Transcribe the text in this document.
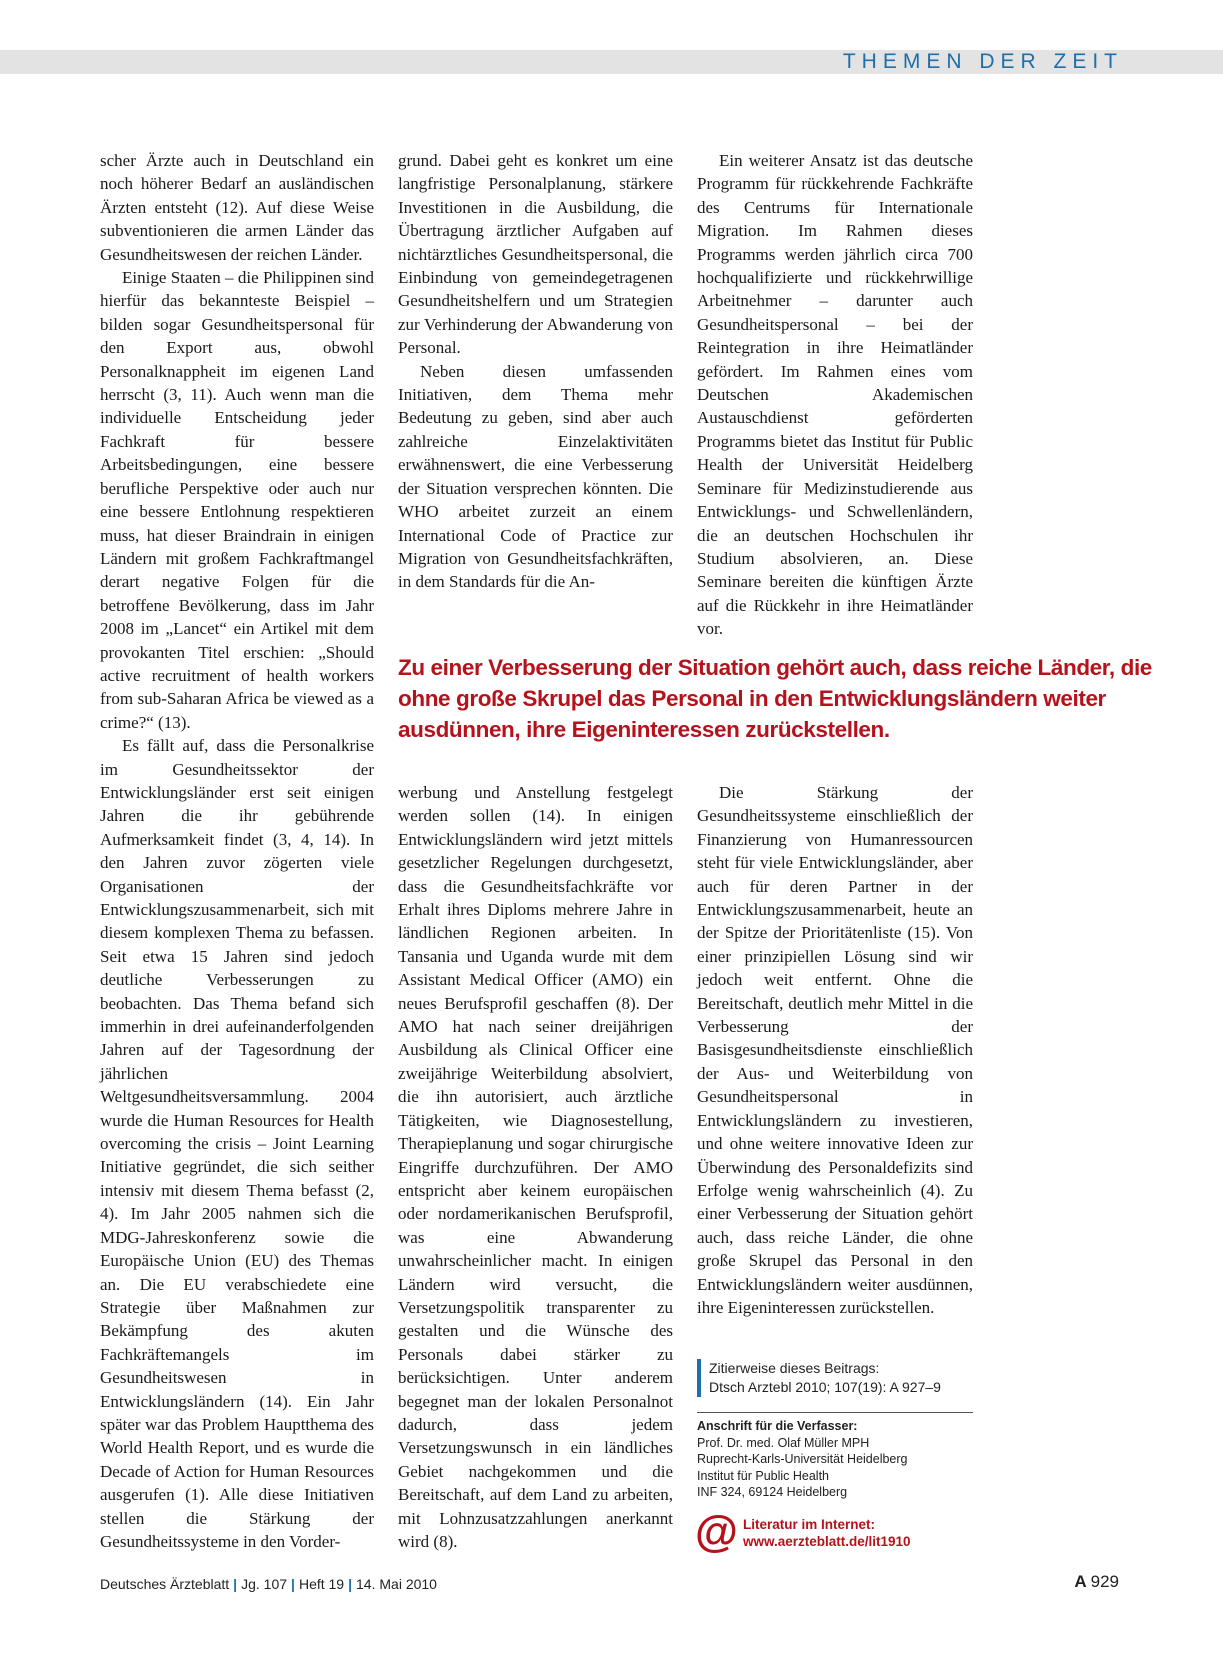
THEMEN DER ZEIT

scher Ärzte auch in Deutschland ein noch höherer Bedarf an ausländischen Ärzten entsteht (12). Auf diese Weise subventionieren die armen Länder das Gesundheitswesen der reichen Länder.

Einige Staaten – die Philippinen sind hierfür das bekannteste Beispiel – bilden sogar Gesundheitspersonal für den Export aus, obwohl Personalknappheit im eigenen Land herrscht (3, 11). Auch wenn man die individuelle Entscheidung jeder Fachkraft für bessere Arbeitsbedingungen, eine bessere berufliche Perspektive oder auch nur eine bessere Entlohnung respektieren muss, hat dieser Braindrain in einigen Ländern mit großem Fachkraftmangel derart negative Folgen für die betroffene Bevölkerung, dass im Jahr 2008 im „Lancet“ ein Artikel mit dem provokanten Titel erschien: „Should active recruitment of health workers from sub-Saharan Africa be viewed as a crime?“ (13).

Es fällt auf, dass die Personalkrise im Gesundheitssektor der Entwicklungsländer erst seit einigen Jahren die ihr gebührende Aufmerksamkeit findet (3, 4, 14). In den Jahren zuvor zögerten viele Organisationen der Entwicklungszusammenarbeit, sich mit diesem komplexen Thema zu befassen. Seit etwa 15 Jahren sind jedoch deutliche Verbesserungen zu beobachten. Das Thema befand sich immerhin in drei aufeinanderfolgenden Jahren auf der Tagesordnung der jährlichen Weltgesundheitsversammlung. 2004 wurde die Human Resources for Health overcoming the crisis – Joint Learning Initiative gegründet, die sich seither intensiv mit diesem Thema befasst (2, 4). Im Jahr 2005 nahmen sich die MDG-Jahreskonferenz sowie die Europäische Union (EU) des Themas an. Die EU verabschiedete eine Strategie über Maßnahmen zur Bekämpfung des akuten Fachkräftemangels im Gesundheitswesen in Entwicklungsländern (14). Ein Jahr später war das Problem Hauptthema des World Health Report, und es wurde die Decade of Action for Human Resources ausgerufen (1). Alle diese Initiativen stellen die Stärkung der Gesundheitssysteme in den Vorder-

grund. Dabei geht es konkret um eine langfristige Personalplanung, stärkere Investitionen in die Ausbildung, die Übertragung ärztlicher Aufgaben auf nichtärztliches Gesundheitspersonal, die Einbindung von gemeindegetragenen Gesundheitshelfern und um Strategien zur Verhinderung der Abwanderung von Personal.

Neben diesen umfassenden Initiativen, dem Thema mehr Bedeutung zu geben, sind aber auch zahlreiche Einzelaktivitäten erwähnenswert, die eine Verbesserung der Situation versprechen könnten. Die WHO arbeitet zurzeit an einem International Code of Practice zur Migration von Gesundheitsfachkräften, in dem Standards für die An-

Ein weiterer Ansatz ist das deutsche Programm für rückkehrende Fachkräfte des Centrums für Internationale Migration. Im Rahmen dieses Programms werden jährlich circa 700 hochqualifizierte und rückkehrwillige Arbeitnehmer – darunter auch Gesundheitspersonal – bei der Reintegration in ihre Heimatländer gefördert. Im Rahmen eines vom Deutschen Akademischen Austauschdienst geförderten Programms bietet das Institut für Public Health der Universität Heidelberg Seminare für Medizinstudierende aus Entwicklungs- und Schwellenländern, die an deutschen Hochschulen ihr Studium absolvieren, an. Diese Seminare bereiten die künftigen Ärzte auf die Rückkehr in ihre Heimatländer vor.

Zu einer Verbesserung der Situation gehört auch, dass reiche Länder, die ohne große Skrupel das Personal in den Entwicklungsländern weiter ausdünnen, ihre Eigeninteressen zurückstellen.

werbung und Anstellung festgelegt werden sollen (14). In einigen Entwicklungsländern wird jetzt mittels gesetzlicher Regelungen durchgesetzt, dass die Gesundheitsfachkräfte vor Erhalt ihres Diploms mehrere Jahre in ländlichen Regionen arbeiten. In Tansania und Uganda wurde mit dem Assistant Medical Officer (AMO) ein neues Berufsprofil geschaffen (8). Der AMO hat nach seiner dreijährigen Ausbildung als Clinical Officer eine zweijährige Weiterbildung absolviert, die ihn autorisiert, auch ärztliche Tätigkeiten, wie Diagnosestellung, Therapieplanung und sogar chirurgische Eingriffe durchzuführen. Der AMO entspricht aber keinem europäischen oder nordamerikanischen Berufsprofil, was eine Abwanderung unwahrscheinlicher macht. In einigen Ländern wird versucht, die Versetzungspolitik transparenter zu gestalten und die Wünsche des Personals dabei stärker zu berücksichtigen. Unter anderem begegnet man der lokalen Personalnot dadurch, dass jedem Versetzungswunsch in ein ländliches Gebiet nachgekommen und die Bereitschaft, auf dem Land zu arbeiten, mit Lohnzusatzzahlungen anerkannt wird (8).

Die Stärkung der Gesundheitssysteme einschließlich der Finanzierung von Humanressourcen steht für viele Entwicklungsländer, aber auch für deren Partner in der Entwicklungszusammenarbeit, heute an der Spitze der Prioritätenliste (15). Von einer prinzipiellen Lösung sind wir jedoch weit entfernt. Ohne die Bereitschaft, deutlich mehr Mittel in die Verbesserung der Basisgesundheitsdienste einschließlich der Aus- und Weiterbildung von Gesundheitspersonal in Entwicklungsländern zu investieren, und ohne weitere innovative Ideen zur Überwindung des Personaldefizits sind Erfolge wenig wahrscheinlich (4). Zu einer Verbesserung der Situation gehört auch, dass reiche Länder, die ohne große Skrupel das Personal in den Entwicklungsländern weiter ausdünnen, ihre Eigeninteressen zurückstellen.

Zitierweise dieses Beitrags:
Dtsch Arztebl 2010; 107(19): A 927–9
Anschrift für die Verfasser:
Prof. Dr. med. Olaf Müller MPH
Ruprecht-Karls-Universität Heidelberg
Institut für Public Health
INF 324, 69124 Heidelberg
@ Literatur im Internet:
www.aerzteblatt.de/lit1910
Deutsches Ärzteblatt | Jg. 107 | Heft 19 | 14. Mai 2010	A 929
